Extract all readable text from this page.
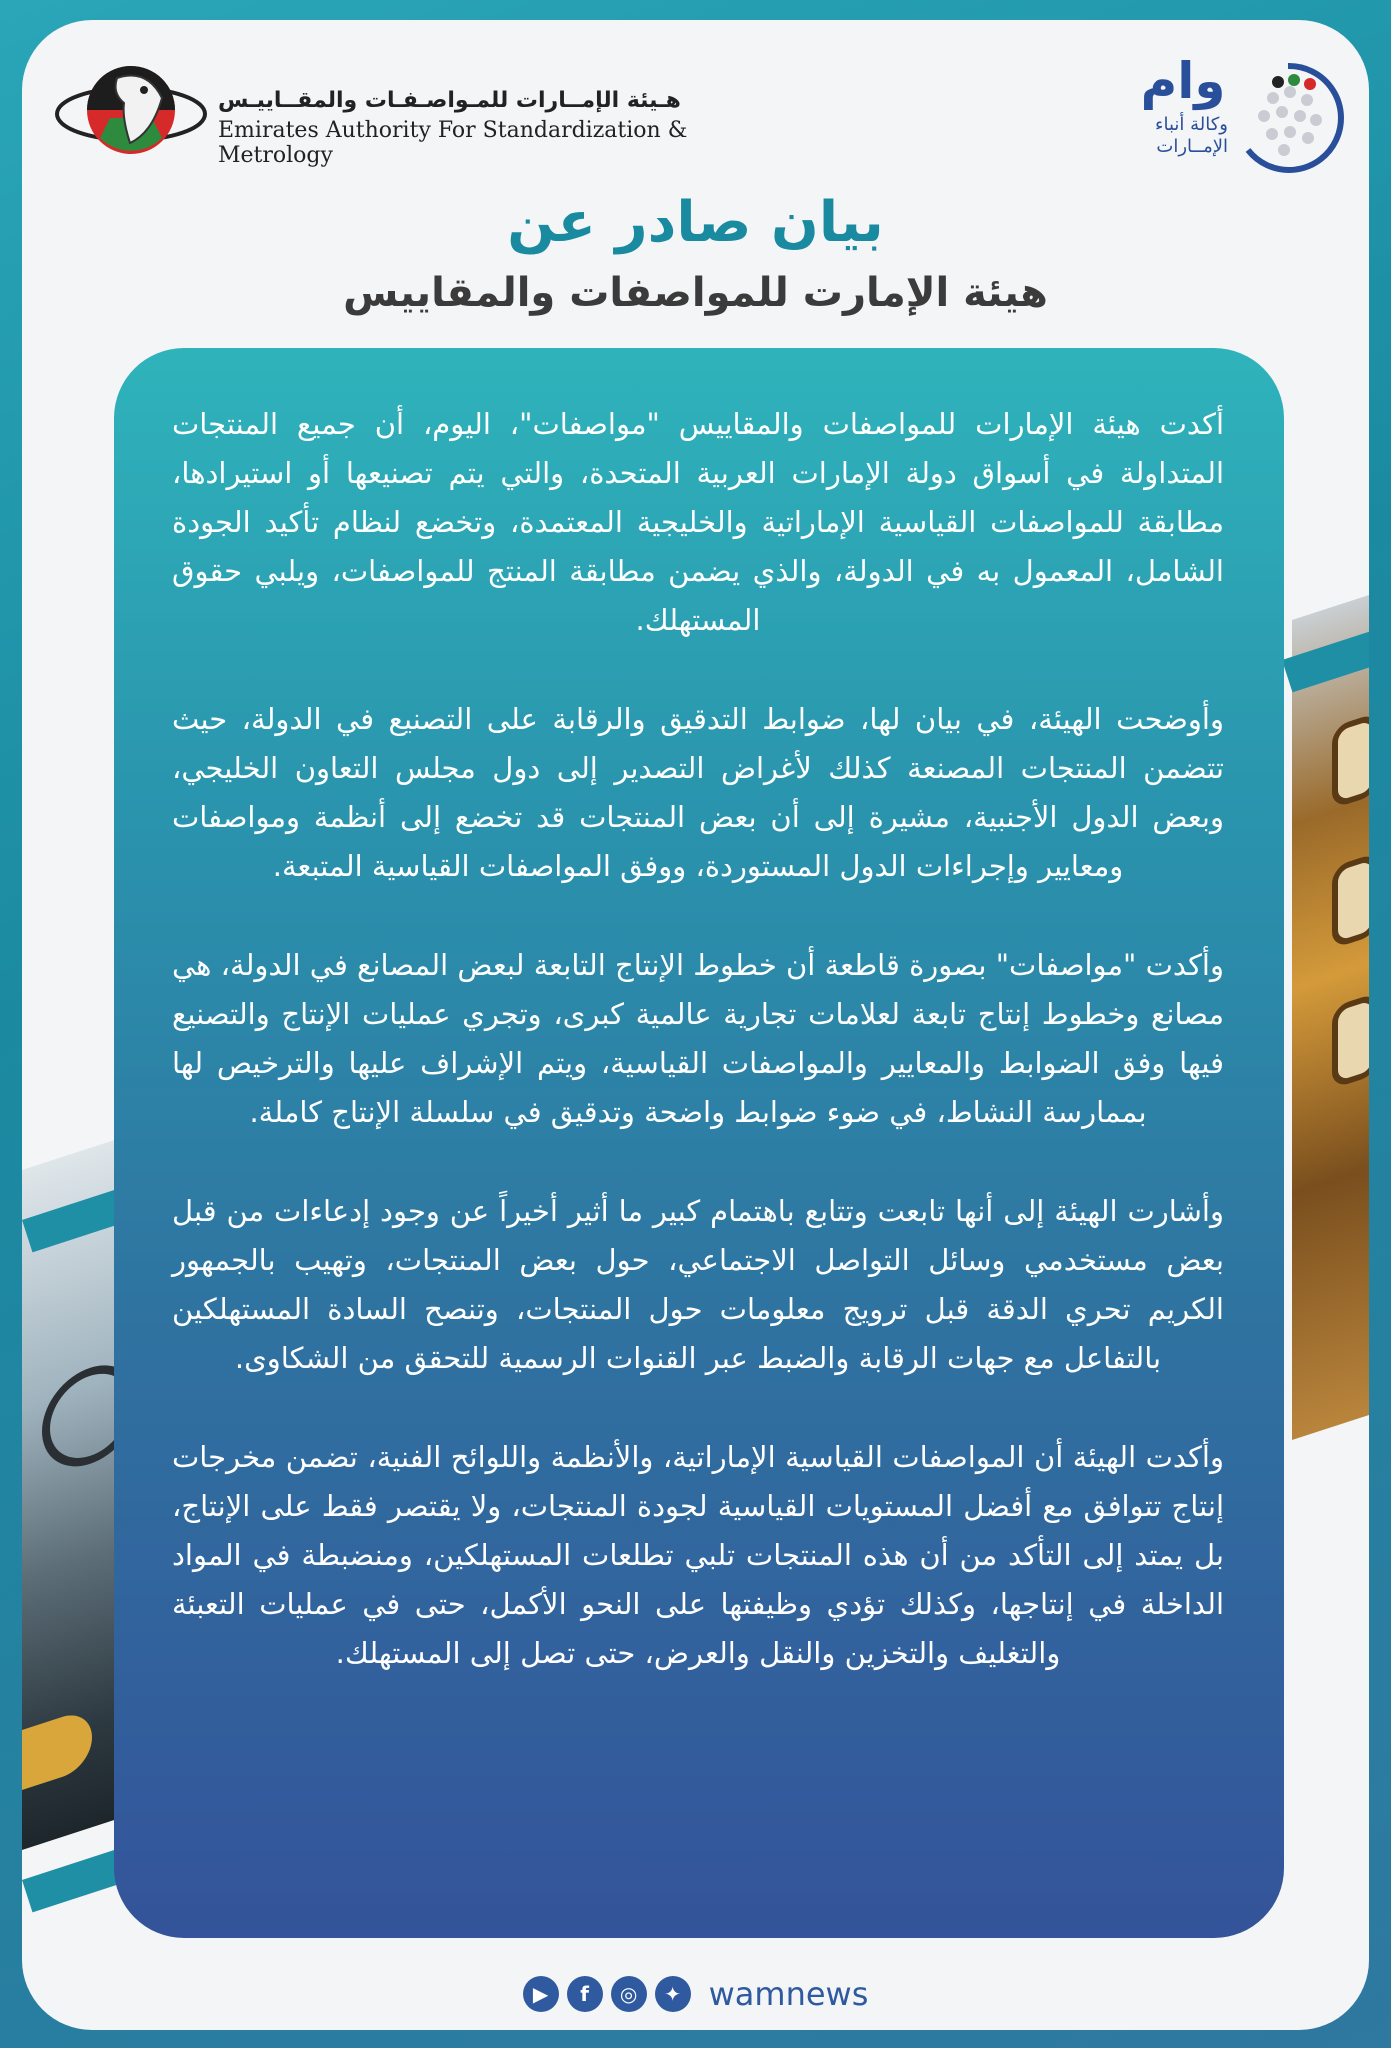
هـيئة الإمــارات للمـواصـفـات والمقــاييـس
Emirates Authority For Standardization & Metrology
وام
وكالة أنباء
الإمــارات
بيان صادر عن
هيئة الإمارت للمواصفات والمقاييس

أكدت هيئة الإمارات للمواصفات والمقاييس "مواصفات"، اليوم، أن جميع المنتجات المتداولة في أسواق دولة الإمارات العربية المتحدة، والتي يتم تصنيعها أو استيرادها، مطابقة للمواصفات القياسية الإماراتية والخليجية المعتمدة، وتخضع لنظام تأكيد الجودة الشامل، المعمول به في الدولة، والذي يضمن مطابقة المنتج للمواصفات، ويلبي حقوق المستهلك.

وأوضحت الهيئة، في بيان لها، ضوابط التدقيق والرقابة على التصنيع في الدولة، حيث تتضمن المنتجات المصنعة كذلك لأغراض التصدير إلى دول مجلس التعاون الخليجي، وبعض الدول الأجنبية، مشيرة إلى أن بعض المنتجات قد تخضع إلى أنظمة ومواصفات ومعايير وإجراءات الدول المستوردة، ووفق المواصفات القياسية المتبعة.

وأكدت "مواصفات" بصورة قاطعة أن خطوط الإنتاج التابعة لبعض المصانع في الدولة، هي مصانع وخطوط إنتاج تابعة لعلامات تجارية عالمية كبرى، وتجري عمليات الإنتاج والتصنيع فيها وفق الضوابط والمعايير والمواصفات القياسية، ويتم الإشراف عليها والترخيص لها بممارسة النشاط، في ضوء ضوابط واضحة وتدقيق في سلسلة الإنتاج كاملة.

وأشارت الهيئة إلى أنها تابعت وتتابع باهتمام كبير ما أثير أخيراً عن وجود إدعاءات من قبل بعض مستخدمي وسائل التواصل الاجتماعي، حول بعض المنتجات، وتهيب بالجمهور الكريم تحري الدقة قبل ترويج معلومات حول المنتجات، وتنصح السادة المستهلكين بالتفاعل مع جهات الرقابة والضبط عبر القنوات الرسمية للتحقق من الشكاوى.

وأكدت الهيئة أن المواصفات القياسية الإماراتية، والأنظمة واللوائح الفنية، تضمن مخرجات إنتاج تتوافق مع أفضل المستويات القياسية لجودة المنتجات، ولا يقتصر فقط على الإنتاج، بل يمتد إلى التأكد من أن هذه المنتجات تلبي تطلعات المستهلكين، ومنضبطة في المواد الداخلة في إنتاجها، وكذلك تؤدي وظيفتها على النحو الأكمل، حتى في عمليات التعبئة والتغليف والتخزين والنقل والعرض، حتى تصل إلى المستهلك.

▶	f	◎	✦ wamnews
